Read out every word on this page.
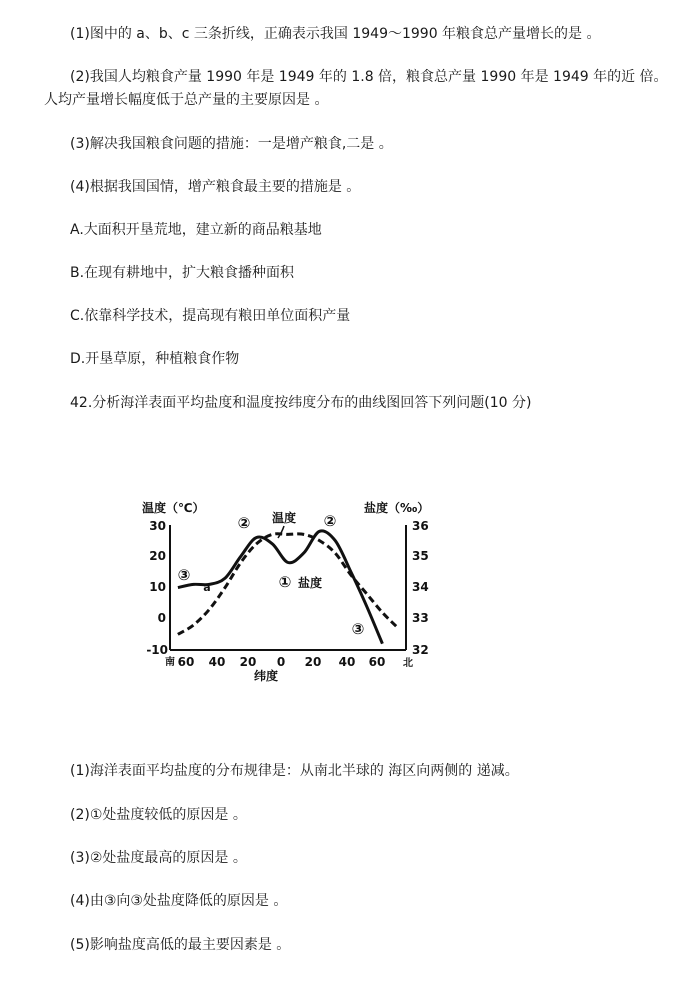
(1)图中的 a、b、c 三条折线，正确表示我国 1949～1990 年粮食总产量增长的是 。
(2)我国人均粮食产量 1990 年是 1949 年的 1.8 倍，粮食总产量 1990 年是 1949 年的近 倍。
人均产量增长幅度低于总产量的主要原因是 。
(3)解决我国粮食问题的措施：一是增产粮食,二是 。
(4)根据我国国情，增产粮食最主要的措施是 。
A.大面积开垦荒地，建立新的商品粮基地
B.在现有耕地中，扩大粮食播种面积
C.依靠科学技术，提高现有粮田单位面积产量
D.开垦草原，种植粮食作物
42.分析海洋表面平均盐度和温度按纬度分布的曲线图回答下列问题(10 分)
温度（℃）	盐度（‰）
纬度
30
20
10
0
-10
36
35
34
33
32
南 60 40 20 0 20 40 60 北
温度
盐度
①
②	②
③
③
a
(1)海洋表面平均盐度的分布规律是：从南北半球的 海区向两侧的 递减。
(2)①处盐度较低的原因是 。
(3)②处盐度最高的原因是 。
(4)由③向③处盐度降低的原因是 。
(5)影响盐度高低的最主要因素是 。
